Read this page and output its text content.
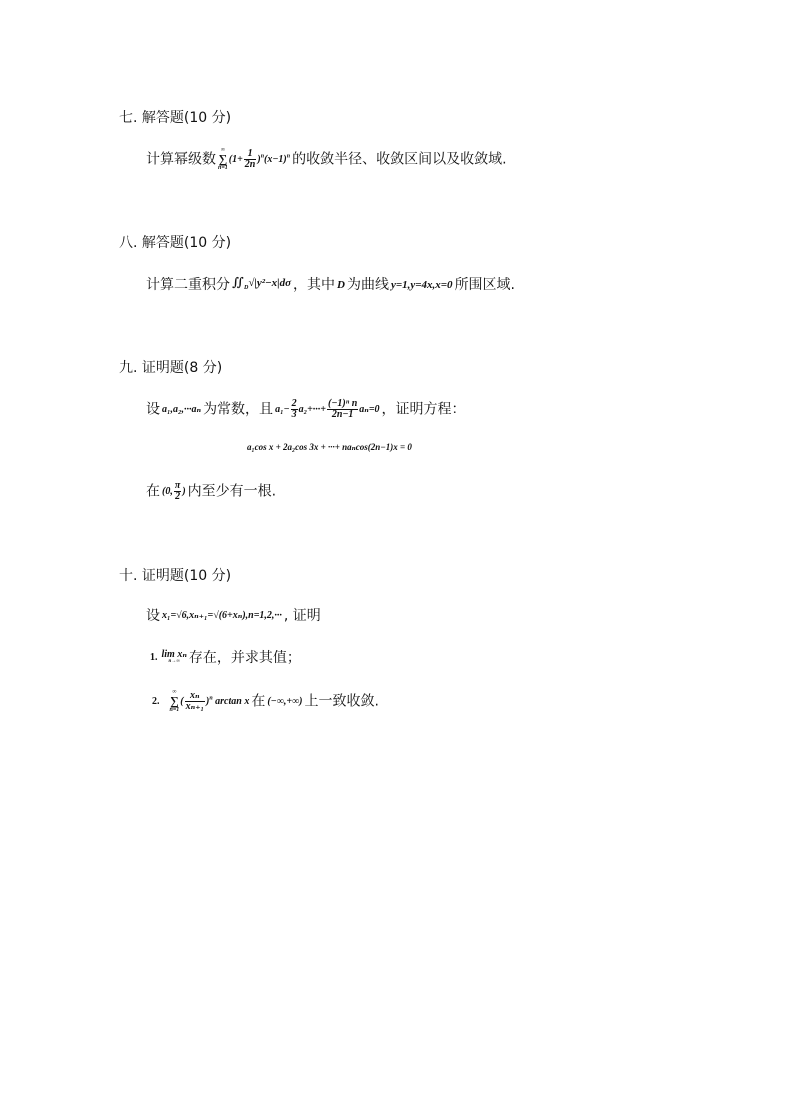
七. 解答题(10 分)
计算幂级数
∞
∑
n=1
$(1+ \frac{1}{2n} )^n(x-1)^n$ 的收敛半径、收敛区间以及收敛域.
八. 解答题(10 分)
计算二重积分 $∬_D√|y^2-x|d\sigma$ ，其中 D 为曲线 y=1,y=4x,x=0 所围区域.
九. 证明题(8 分)
设 a₁,a₂,···aₙ 为常数，且 $a_1- \frac{2}{3} a_2+\cdot\cdot\cdot+ \frac{\text{(−1)ⁿ n}}{2n-1} a_n=0$ ，证明方程：
a₁cos x + 2a₂cos 3x + ···+ naₙcos(2n−1)x = 0
在 (0, $\frac{\pi}{2}$ ) 内至少有一根.
十. 证明题(10 分)
设 x₁=√6,xₙ₊₁=√(6+xₙ),n=1,2,··· , 证明
1. lim xₙ
n→∞ 存在，并求其值；
2.
∞
∑
n=1
( $\frac{\text{xₙ}}{\text{xₙ₊₁}} )^n$ arctan x 在 (−∞,+∞) 上一致收敛.
